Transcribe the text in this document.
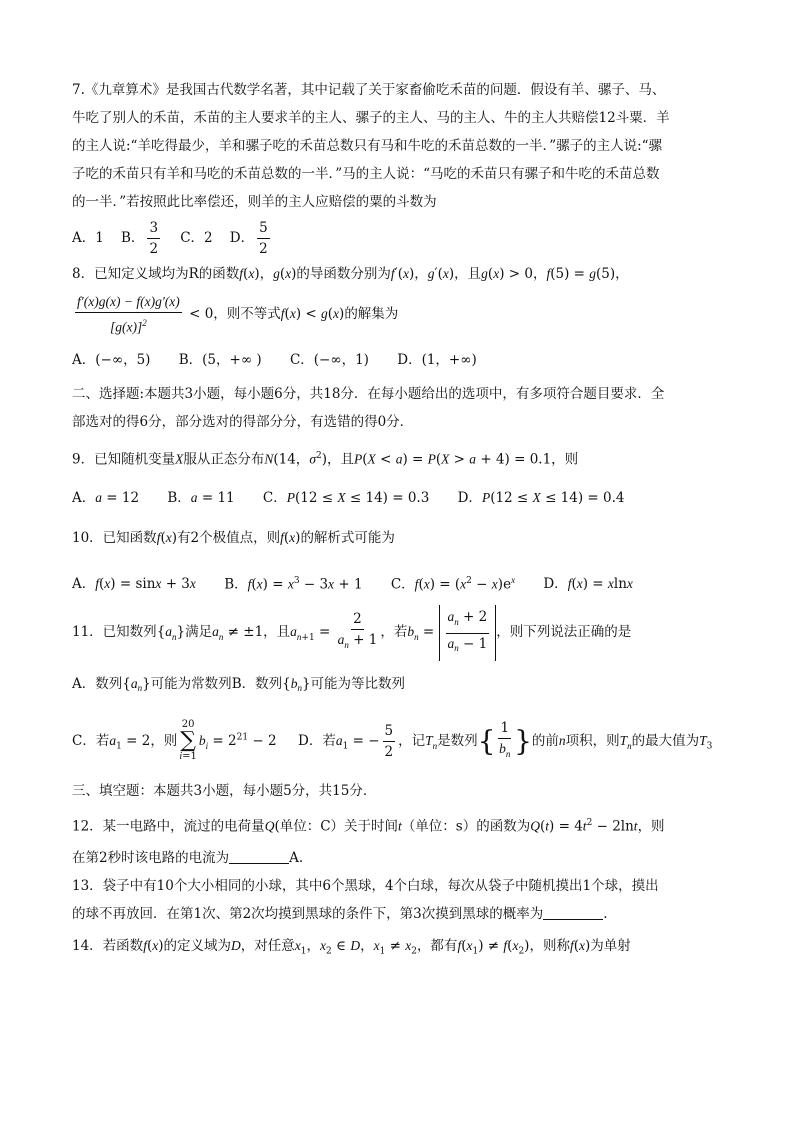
7.《九章算术》是我国古代数学名著，其中记载了关于家畜偷吃禾苗的问题．假设有羊、骡子、马、

牛吃了别人的禾苗，禾苗的主人要求羊的主人、骡子的主人、马的主人、牛的主人共赔偿12斗粟．羊

的主人说:“羊吃得最少，羊和骡子吃的禾苗总数只有马和牛吃的禾苗总数的一半．”骡子的主人说:“骡

子吃的禾苗只有羊和马吃的禾苗总数的一半．”马的主人说：“马吃的禾苗只有骡子和牛吃的禾苗总数

的一半．”若按照此比率偿还，则羊的主人应赔偿的粟的斗数为

A．1 B． $\frac{3}{2}$ C．2 D． $\frac{5}{2}$

8．已知定义域均为R的函数f(x)，g(x)的导函数分别为f′(x)，g′(x)，且g(x) > 0，f(5) = g(5)，

$\frac{f'(x)g(x) - f(x)g'(x)}{[g(x)]^2} < 0$，则不等式f(x) < g(x)的解集为

A．(−∞，5) B．(5，+∞ ) C．(−∞，1) D．(1，+∞)

二、选择题:本题共3小题，每小题6分，共18分．在每小题给出的选项中，有多项符合题目要求．全

部选对的得6分，部分选对的得部分分，有选错的得0分．

9．已知随机变量X服从正态分布N(14，$\sigma^2$)，且P(X < a) = P(X > a + 4) = 0.1，则

A．a = 12 B．a = 11 C．P(12 ≤ X ≤ 14) = 0.3 D．P(12 ≤ X ≤ 14) = 0.4

10．已知函数f(x)有2个极值点，则f(x)的解析式可能为

A．f(x) = sinx + 3x B．$f(x) = x^3 - 3x + 1$ C．$f(x) = (x^2 - x)e^x$ D．f(x) = xlnx

11．已知数列$\{a_n\}$满足$a_n \ne \pm 1$，且$a_{n+1} = \frac{2}{a_n + 1}$ ，若$b_n = \frac{a_n + 2}{a_n - 1}$ ，则下列说法正确的是

A．数列$\{a_n\}$可能为常数列B．数列$\{b_n\}$可能为等比数列

C．若$a_1 = 2$，则
20
∑
i=1
$b_i = 2^{21} - 2$ D．若$a_1$ = − $\frac{5}{2}$ ，记$T_n$是数列{ $\frac{1}{b_n}$ }的前n项积，则$T_n$的最大值为$T_3$

三、填空题：本题共3小题，每小题5分，共15分．

12．某一电路中，流过的电荷量Q(单位：C）关于时间t（单位：s）的函数为$Q(t) = 4t^2 - 2\ln t$，则

在第2秒时该电路的电流为	A.

13．袋子中有10个大小相同的小球，其中6个黑球，4个白球，每次从袋子中随机摸出1个球，摸出

的球不再放回．在第1次、第2次均摸到黑球的条件下，第3次摸到黑球的概率为	.

14．若函数f(x)的定义域为D，对任意$x_1$，$x_2$ ∈ D，$x_1 \ne x_2$，都有$f(x_1) \ne f(x_2)$，则称f(x)为单射
